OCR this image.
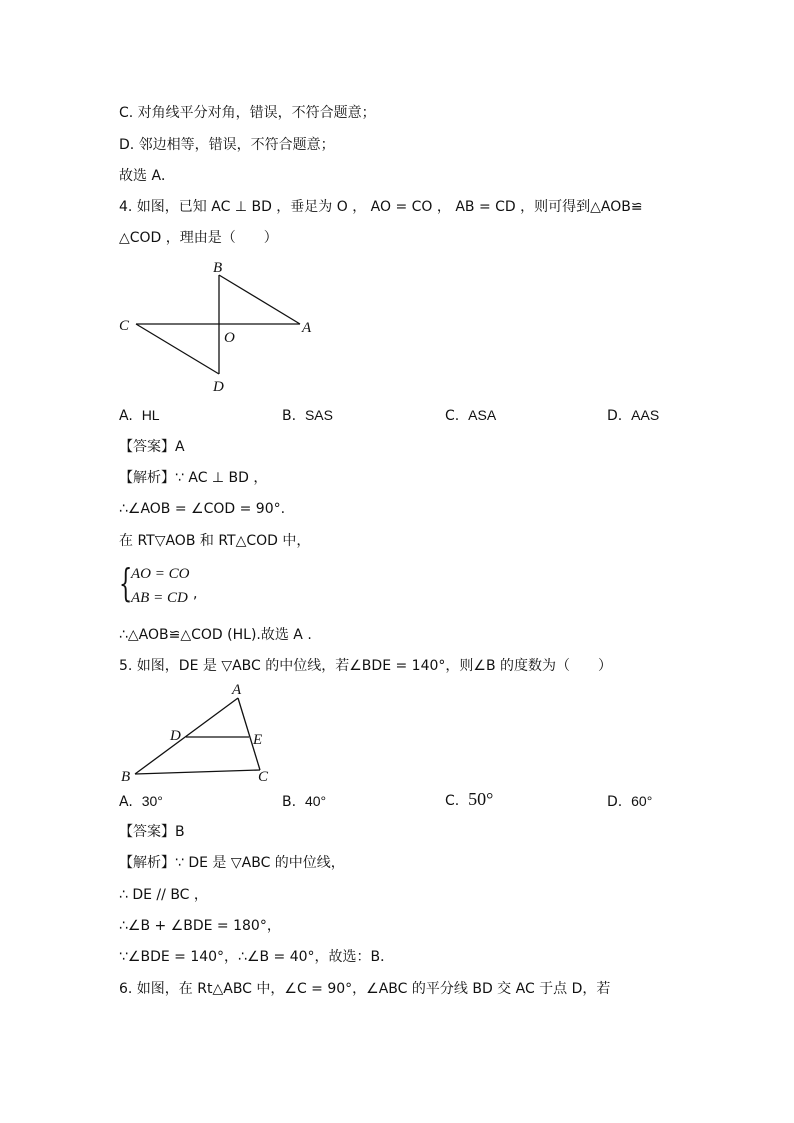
C. 对角线平分对角，错误，不符合题意；
D. 邻边相等，错误，不符合题意；
故选 A．
4. 如图，已知 AC ⊥ BD ，垂足为 O ， AO = CO ， AB = CD ，则可得到△AOB≌
△COD ，理由是（　　）
B
C
O
A
D
A. HL	B. SAS	C. ASA	D. AAS
【答案】A
【解析】∵ AC ⊥ BD ，
∴∠AOB = ∠COD = 90°.
在 RT▽AOB 和 RT△COD 中，
{
AO = CO
AB = CD ,
∴△AOB≌△COD (HL).故选 A .
5. 如图，DE 是 ▽ABC 的中位线，若∠BDE = 140°，则∠B 的度数为（　　）
A
D	E
B	C
A. 30°	B. 40°	C. 50°	D. 60°
【答案】B
【解析】∵ DE 是 ▽ABC 的中位线，
∴ DE // BC ，
∴∠B + ∠BDE = 180°，
∵∠BDE = 140°，∴∠B = 40°，故选：B．
6. 如图，在 Rt△ABC 中，∠C = 90°，∠ABC 的平分线 BD 交 AC 于点 D，若
